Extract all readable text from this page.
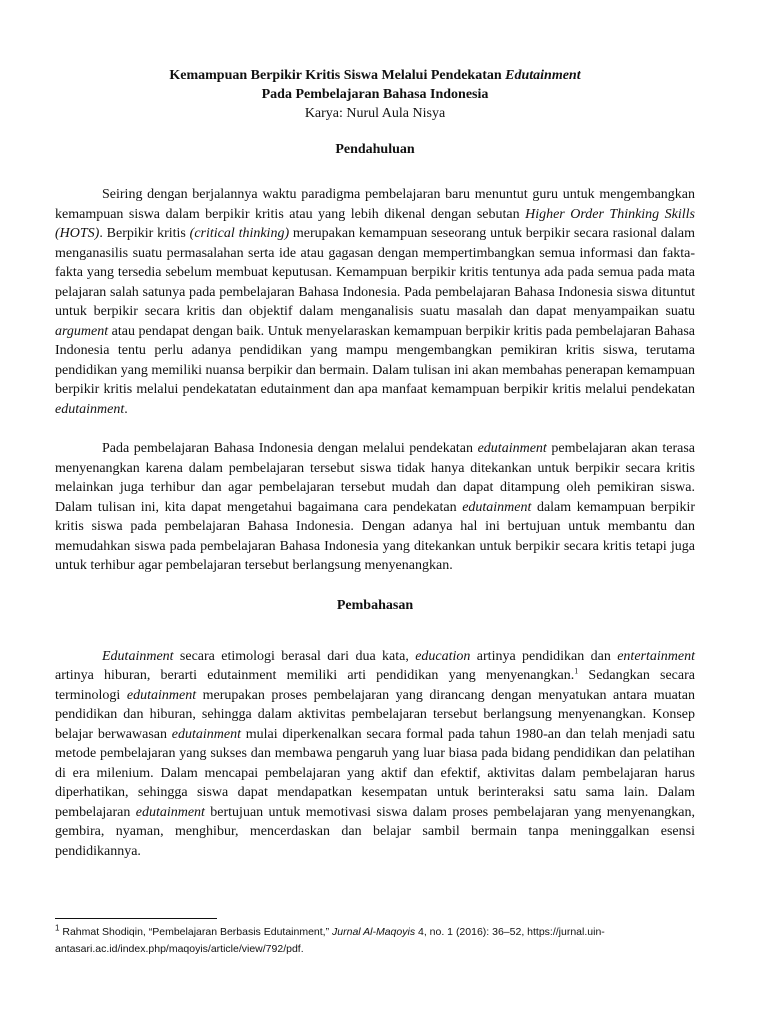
Kemampuan Berpikir Kritis Siswa Melalui Pendekatan Edutainment

Pada Pembelajaran Bahasa Indonesia

Karya: Nurul Aula Nisya

Pendahuluan

Seiring dengan berjalannya waktu paradigma pembelajaran baru menuntut guru untuk mengembangkan kemampuan siswa dalam berpikir kritis atau yang lebih dikenal dengan sebutan Higher Order Thinking Skills (HOTS). Berpikir kritis (critical thinking) merupakan kemampuan seseorang untuk berpikir secara rasional dalam menganasilis suatu permasalahan serta ide atau gagasan dengan mempertimbangkan semua informasi dan fakta-fakta yang tersedia sebelum membuat keputusan. Kemampuan berpikir kritis tentunya ada pada semua pada mata pelajaran salah satunya pada pembelajaran Bahasa Indonesia. Pada pembelajaran Bahasa Indonesia siswa dituntut untuk berpikir secara kritis dan objektif dalam menganalisis suatu masalah dan dapat menyampaikan suatu argument atau pendapat dengan baik. Untuk menyelaraskan kemampuan berpikir kritis pada pembelajaran Bahasa Indonesia tentu perlu adanya pendidikan yang mampu mengembangkan pemikiran kritis siswa, terutama pendidikan yang memiliki nuansa berpikir dan bermain. Dalam tulisan ini akan membahas penerapan kemampuan berpikir kritis melalui pendekatatan edutainment dan apa manfaat kemampuan berpikir kritis melalui pendekatan edutainment.

Pada pembelajaran Bahasa Indonesia dengan melalui pendekatan edutainment pembelajaran akan terasa menyenangkan karena dalam pembelajaran tersebut siswa tidak hanya ditekankan untuk berpikir secara kritis melainkan juga terhibur dan agar pembelajaran tersebut mudah dan dapat ditampung oleh pemikiran siswa. Dalam tulisan ini, kita dapat mengetahui bagaimana cara pendekatan edutainment dalam kemampuan berpikir kritis siswa pada pembelajaran Bahasa Indonesia. Dengan adanya hal ini bertujuan untuk membantu dan memudahkan siswa pada pembelajaran Bahasa Indonesia yang ditekankan untuk berpikir secara kritis tetapi juga untuk terhibur agar pembelajaran tersebut berlangsung menyenangkan.

Pembahasan

Edutainment secara etimologi berasal dari dua kata, education artinya pendidikan dan entertainment artinya hiburan, berarti edutainment memiliki arti pendidikan yang menyenangkan.$^1$ Sedangkan secara terminologi edutainment merupakan proses pembelajaran yang dirancang dengan menyatukan antara muatan pendidikan dan hiburan, sehingga dalam aktivitas pembelajaran tersebut berlangsung menyenangkan. Konsep belajar berwawasan edutainment mulai diperkenalkan secara formal pada tahun 1980-an dan telah menjadi satu metode pembelajaran yang sukses dan membawa pengaruh yang luar biasa pada bidang pendidikan dan pelatihan di era milenium. Dalam mencapai pembelajaran yang aktif dan efektif, aktivitas dalam pembelajaran harus diperhatikan, sehingga siswa dapat mendapatkan kesempatan untuk berinteraksi satu sama lain. Dalam pembelajaran edutainment bertujuan untuk memotivasi siswa dalam proses pembelajaran yang menyenangkan, gembira, nyaman, menghibur, mencerdaskan dan belajar sambil bermain tanpa meninggalkan esensi pendidikannya.

$^1$ Rahmat Shodiqin, “Pembelajaran Berbasis Edutainment,” Jurnal Al-Maqoyis 4, no. 1 (2016): 36–52, https://jurnal.uin-antasari.ac.id/index.php/maqoyis/article/view/792/pdf.
